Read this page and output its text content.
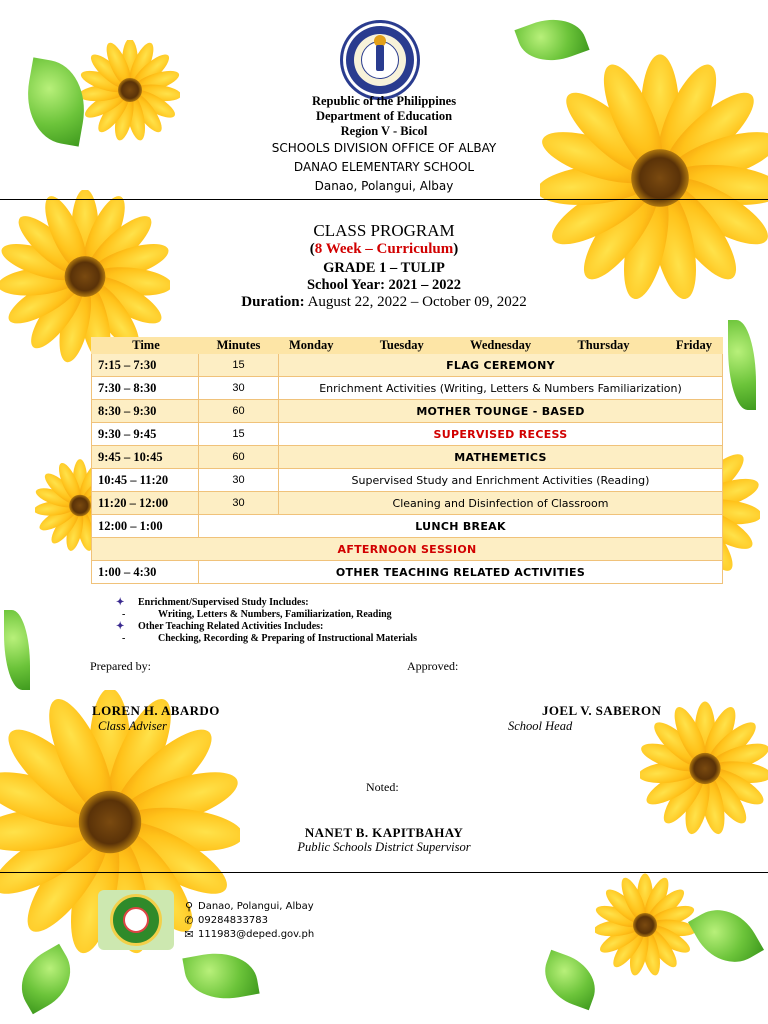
Republic of the Philippines
Department of Education
Region V - Bicol
SCHOOLS DIVISION OFFICE OF ALBAY
DANAO ELEMENTARY SCHOOL
Danao, Polangui, Albay
CLASS PROGRAM
(8 Week – Curriculum)
GRADE 1 – TULIP
School Year: 2021 – 2022
Duration: August 22, 2022 – October 09, 2022
Time	Minutes	Monday Tuesday Wednesday Thursday Friday

7:15 – 7:30	15	FLAG CEREMONY
7:30 – 8:30	30	Enrichment Activities (Writing, Letters & Numbers Familiarization)
8:30 – 9:30	60	MOTHER TOUNGE - BASED
9:30 – 9:45	15	SUPERVISED RECESS
9:45 – 10:45	60	MATHEMETICS
10:45 – 11:20	30	Supervised Study and Enrichment Activities (Reading)
11:20 – 12:00	30	Cleaning and Disinfection of Classroom
12:00 – 1:00	LUNCH BREAK	
AFTERNOON SESSION		
1:00 – 4:30	OTHER TEACHING RELATED ACTIVITIES	
✦	Enrichment/Supervised Study Includes:
-	Writing, Letters & Numbers, Familiarization, Reading
✦	Other Teaching Related Activities Includes:
-	Checking, Recording & Preparing of Instructional Materials
Prepared by:	Approved:
LOREN H. ABARDO
Class Adviser
JOEL V. SABERON
School Head
Noted:
NANET B. KAPITBAHAY
Public Schools District Supervisor
⚲ Danao, Polangui, Albay
✆ 09284833783
✉ 111983@deped.gov.ph
